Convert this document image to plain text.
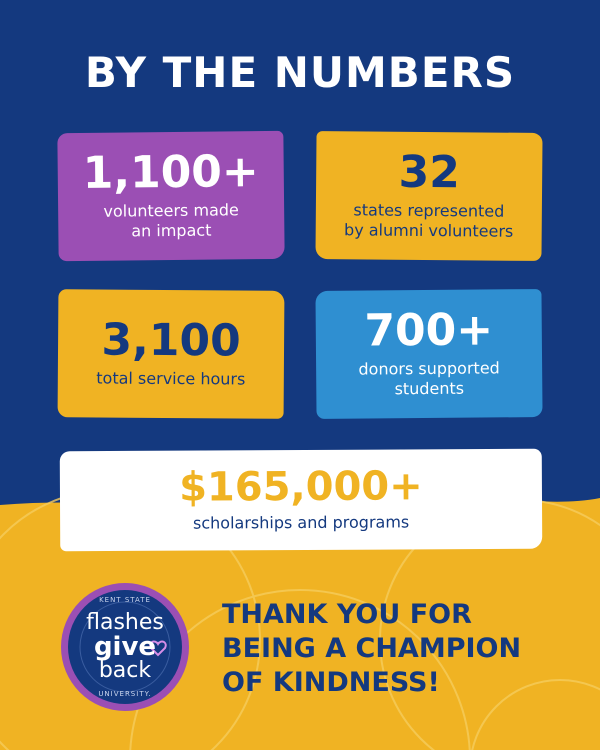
BY THE NUMBERS
1,100+
volunteers made
an impact
32
states represented
by alumni volunteers
3,100
total service hours
700+
donors supported
students
$165,000+
scholarships and programs
KENT STATE
flashes
give
back
UNIVERSITY.
THANK YOU FOR
BEING A CHAMPION
OF KINDNESS!
